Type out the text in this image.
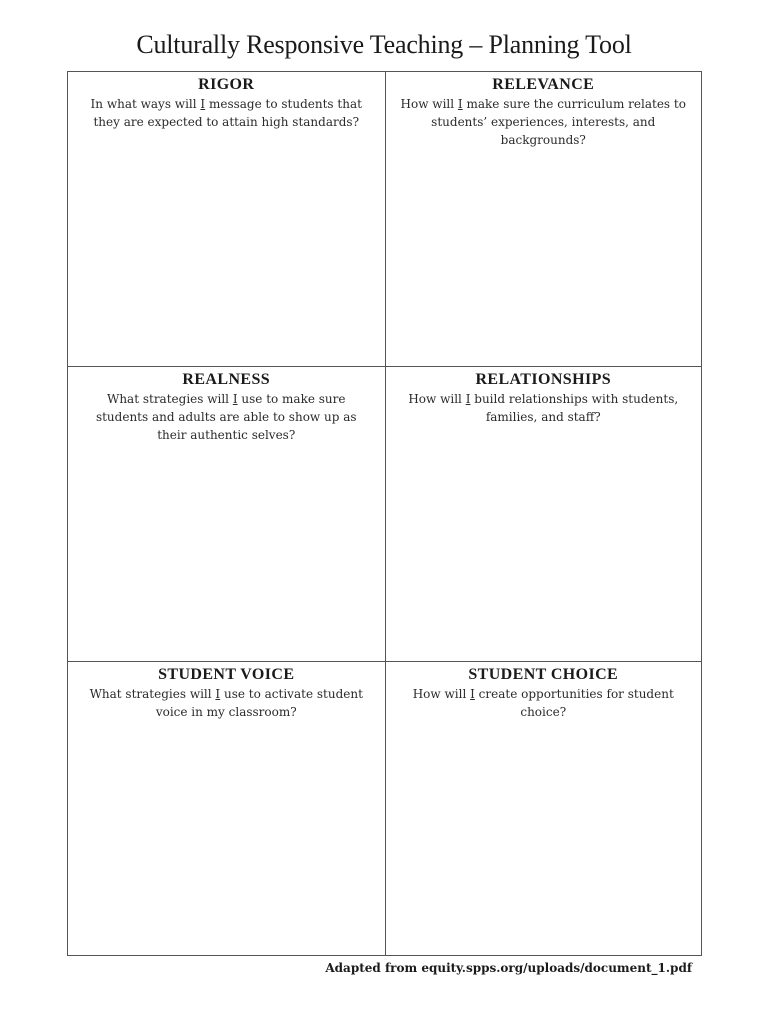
Culturally Responsive Teaching – Planning Tool
RIGOR
In what ways will I message to students that they are expected to attain high standards?
RELEVANCE
How will I make sure the curriculum relates to students’ experiences, interests, and backgrounds?
REALNESS
What strategies will I use to make sure students and adults are able to show up as their authentic selves?
RELATIONSHIPS
How will I build relationships with students, families, and staff?
STUDENT VOICE
What strategies will I use to activate student voice in my classroom?
STUDENT CHOICE
How will I create opportunities for student choice?
Adapted from equity.spps.org/uploads/document_1.pdf
